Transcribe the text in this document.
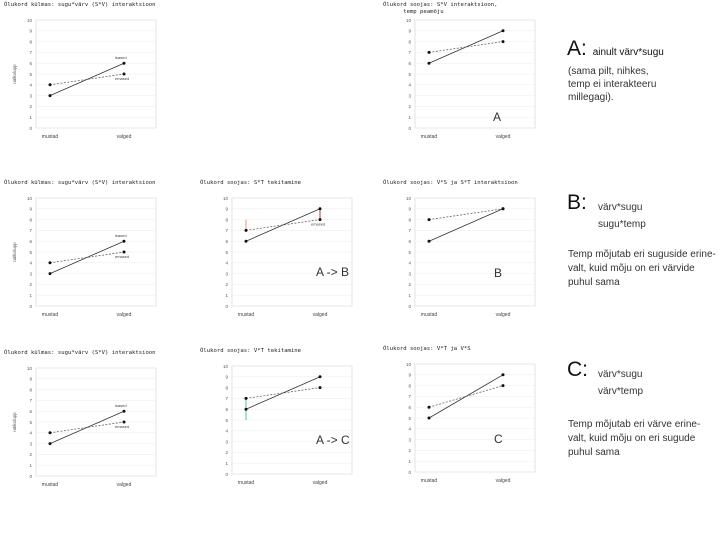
Õlukord külmas: sugu*värv (S*V) interaktsioon
0
1
2
3
4
5
6
7
8
9
10
mustad	valged
nälkolupp
isased
emased
Õlukord soojas: S*V interaktsioon,
temp peamõju
0
1
2
3
4
5
6
7
8
9
10
mustad	valged
A
Õlukord külmas: sugu*värv (S*V) interaktsioon
0
1
2
3
4
5
6
7
8
9
10
mustad	valged
nälkolupp
isased
emased
Õlukord soojas: S*T tekitamine
0
1
2
3
4
5
6
7
8
9
10
mustad	valged
emased
A -> B
Õlukord soojas: V*S ja S*T interaktsioon
0
1
2
3
4
5
6
7
8
9
10
mustad	valged
B
Õlukord külmas: sugu*värv (S*V) interaktsioon
0
1
2
3
4
5
6
7
8
9
10
mustad	valged
nälkolupp
isased
emased
Õlukord soojas: V*T tekitamine
0
1
2
3
4
5
6
7
8
9
10
mustad	valged
A -> C
Õlukord soojas: V*T ja V*S
0
1
2
3
4
5
6
7
8
9
10
mustad	valged
C
A: ainult värv*sugu
(sama pilt, nihkes,
temp ei interakteeru
millegagi).
B: värv*sugu
sugu*temp
Temp mõjutab eri suguside erine-
valt, kuid mõju on eri värvide
puhul sama
C: värv*sugu
värv*temp
Temp mõjutab eri värve erine-
valt, kuid mõju on eri sugude
puhul sama
